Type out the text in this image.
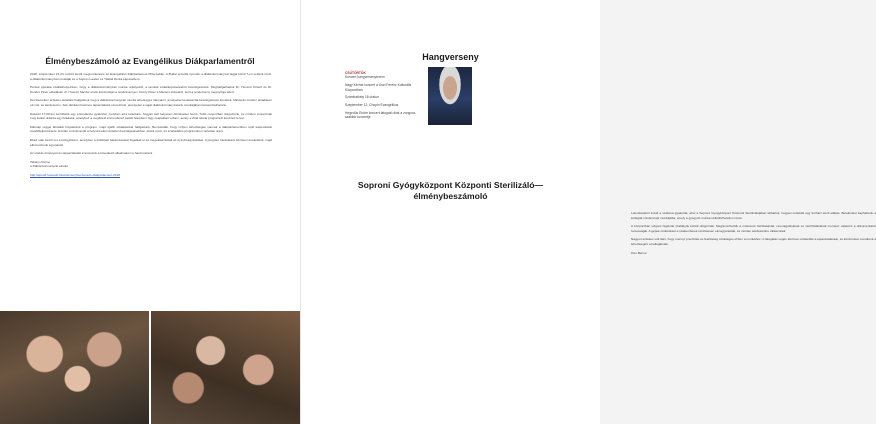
Élménybeszámoló az Evangélikus Diákparlamentről

2018. szeptember 21-23. között került megrendezésre az Evangélikus Diákparlament Piliscsabán. A Budai vezetők nyomán a diákönkormányzat tagjai közül 7-en vettünk részt, a diákönkormányzat munkáját és a Sopron Lauder és Táskai Dorka képviseltem.

Péntek éjszaka szálláshelyeinken, hogy a diákönkormányzati munka rejtélyeiről, a tanulók érdekképviseletéről beszélgessünk. Meghallgathattuk Dr. Hosszú Kristóf és Dr. Kondor Péter előadását, dr. Hosszú Sándor elnök köszöntőjét a rendezvényen, Kóczy Péter a Mécses stílusáról, amit a rendezvény megnyitója adott.

Két kiemelten érdekes előadást hallgattunk meg a diákönkormányzati munka lehetséges irányairól, amelyeket kerekasztal-beszélgetések követtek. Mindenki minden előadáson ott volt, és kérdezett is. Sok délutáni hasznos tapasztalatot szereztünk, amelyeket a saját diákönkormányzatunk munkájában kamatoztathatunk.

Délután 17:00-kor kezdődött egy szimulációs gyakorlat, melyben arra tanultunk, hogyan kell helyesen döntéseket hozni. Több csoportban dolgoztunk, és minden csoportnak meg kellett oldania egy feladatot, amelyhez a megfelelő érvrendszert kellett felépíteni. Egy csapatban voltam, amely a Zöld Iskola programról készített tervet.

Másnap reggel áhítattal folytatódott a program, majd újabb előadásokat hallgattunk. Bemutatták, hogy milyen lehetőségek vannak a diákparlamentben rejlő kapcsolatok továbbfejlesztésére. Ezután a résztvevők a helyszíneken kötetlen beszélgetésekben vettek részt, és szabadidős programokon vehettek részt.

Ebéd után került sor a közgyűlésre, amelyben a küldöttek határozatokat fogadtak el és megválasztották az új tisztségviselőket. A program zárásaként közösen énekeltünk, majd elbúcsúztunk egymástól.

Az utazás élményeit és tapasztalatait szeretnénk a következő alkalmakon is hasznosítani.

Takács Dorina

a Diákönkormányzat elnöke

http://epsoft.hu/esoft-hirek/elmenybeszamolo-diakparlament-2018

Hangverseny
Soproni Gyógyközpont Központi Sterilizáló—élménybeszámoló

Lelenkarokról indult a szakmai gyakorlat, ahol a Soproni Gyógyközpont Központi Sterilizálójában láthattuk, hogyan működik egy kórházi steril ellátás. Betekintést kaphattunk a kollégák mindennapi munkájába, amely a gyógyító munka nélkülözhetetlen része.

A központban szigorú higiéniai szabályok között dolgoznak. Megismerhettük a műszerek tisztításának, csomagolásának és sterilizálásának menetét, valamint a dokumentáció fontosságát. A gépek működését a szakemberek részletesen elmagyarázták, és minden kérdésünkre válaszoltak.

Nagyon érdekes volt látni, hogy mennyi precizitás és felelősség szükséges ehhez a munkához. A látogatás végén közösen értékeltük a tapasztalatokat, és köszönetet mondtunk a lehetőségért a kollégáknak.

Kiss Bence

CSÜTÖRTÖK
Koncert hangversenyterem

Nagy Kérhet koncert a Liszt Ferenc Kulturális Központban

Szombathely 18 órakor

Szeptember 12. Chopin Evangélikus

Hegedűs Endre koncert-látogató diák a zongora-szakkör koncertje
